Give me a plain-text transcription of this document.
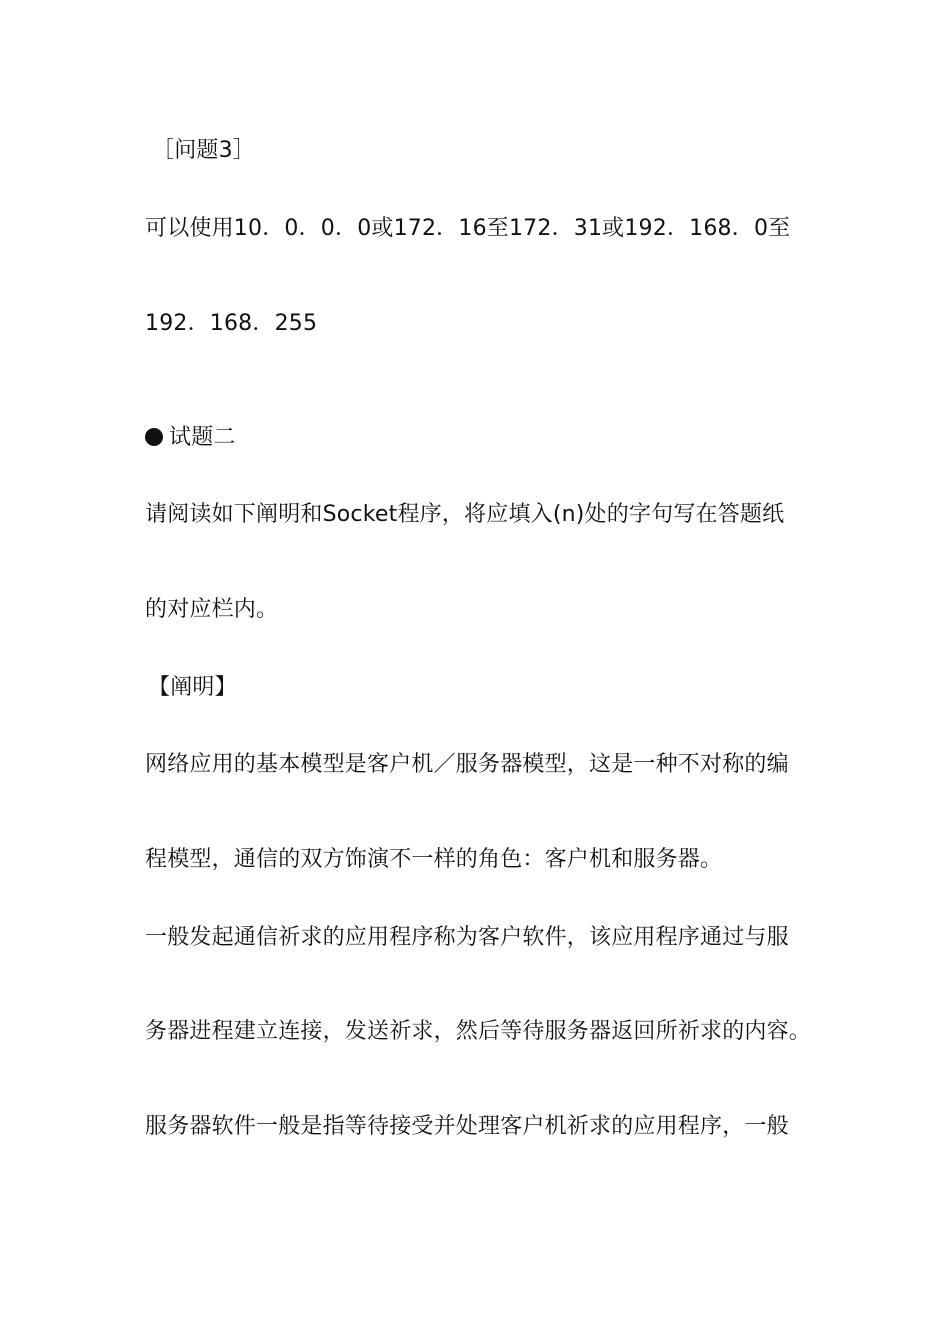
［问题3］
可以使用10．0．0．0或172．16至172．31或192．168．0至
192．168．255
试题二
请阅读如下阐明和Socket程序，将应填入(n)处的字句写在答题纸
的对应栏内。
【阐明】
网络应用的基本模型是客户机／服务器模型，这是一种不对称的编
程模型，通信的双方饰演不一样的角色：客户机和服务器。
一般发起通信祈求的应用程序称为客户软件，该应用程序通过与服
务器进程建立连接，发送祈求，然后等待服务器返回所祈求的内容。
服务器软件一般是指等待接受并处理客户机祈求的应用程序，一般
